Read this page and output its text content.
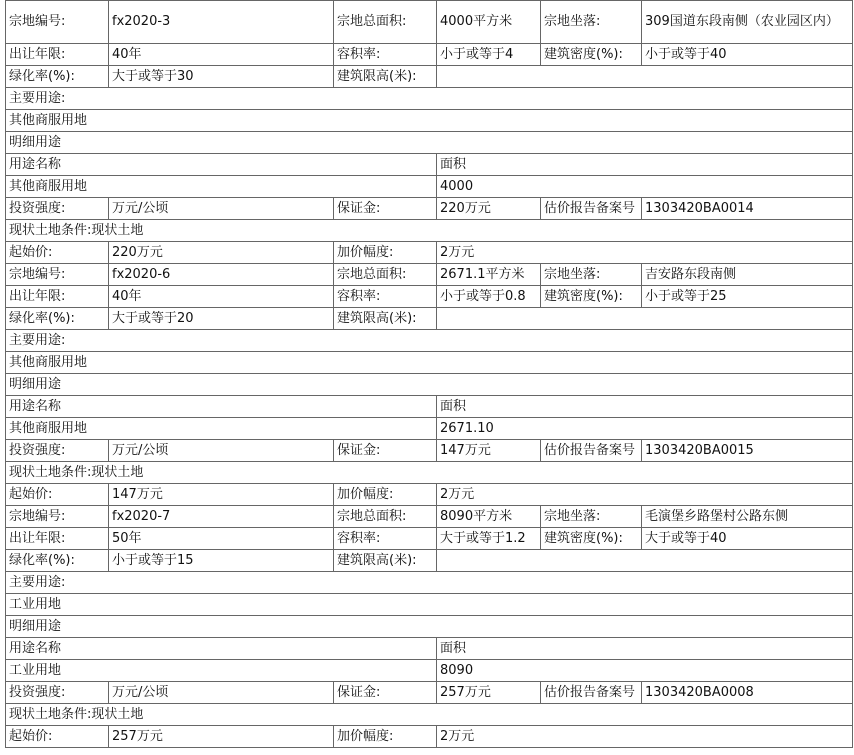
宗地编号:	fx2020-3	宗地总面积:	4000平方米	宗地坐落:	309国道东段南侧（农业园区内）
出让年限:	40年	容积率:	小于或等于4	建筑密度(%):	小于或等于40
绿化率(%):	大于或等于30	建筑限高(米):			
主要用途:					
其他商服用地					
明细用途					
用途名称			面积		
其他商服用地			4000		
投资强度:	万元/公顷	保证金:	220万元	估价报告备案号	1303420BA0014
现状土地条件:现状土地					
起始价:	220万元	加价幅度:	2万元		
宗地编号:	fx2020-6	宗地总面积:	2671.1平方米	宗地坐落:	吉安路东段南侧
出让年限:	40年	容积率:	小于或等于0.8	建筑密度(%):	小于或等于25
绿化率(%):	大于或等于20	建筑限高(米):			
主要用途:					
其他商服用地					
明细用途					
用途名称			面积		
其他商服用地			2671.10		
投资强度:	万元/公顷	保证金:	147万元	估价报告备案号	1303420BA0015
现状土地条件:现状土地					
起始价:	147万元	加价幅度:	2万元		
宗地编号:	fx2020-7	宗地总面积:	8090平方米	宗地坐落:	毛演堡乡路堡村公路东侧
出让年限:	50年	容积率:	大于或等于1.2	建筑密度(%):	大于或等于40
绿化率(%):	小于或等于15	建筑限高(米):			
主要用途:					
工业用地					
明细用途					
用途名称			面积		
工业用地			8090		
投资强度:	万元/公顷	保证金:	257万元	估价报告备案号	1303420BA0008
现状土地条件:现状土地					
起始价:	257万元	加价幅度:	2万元		
